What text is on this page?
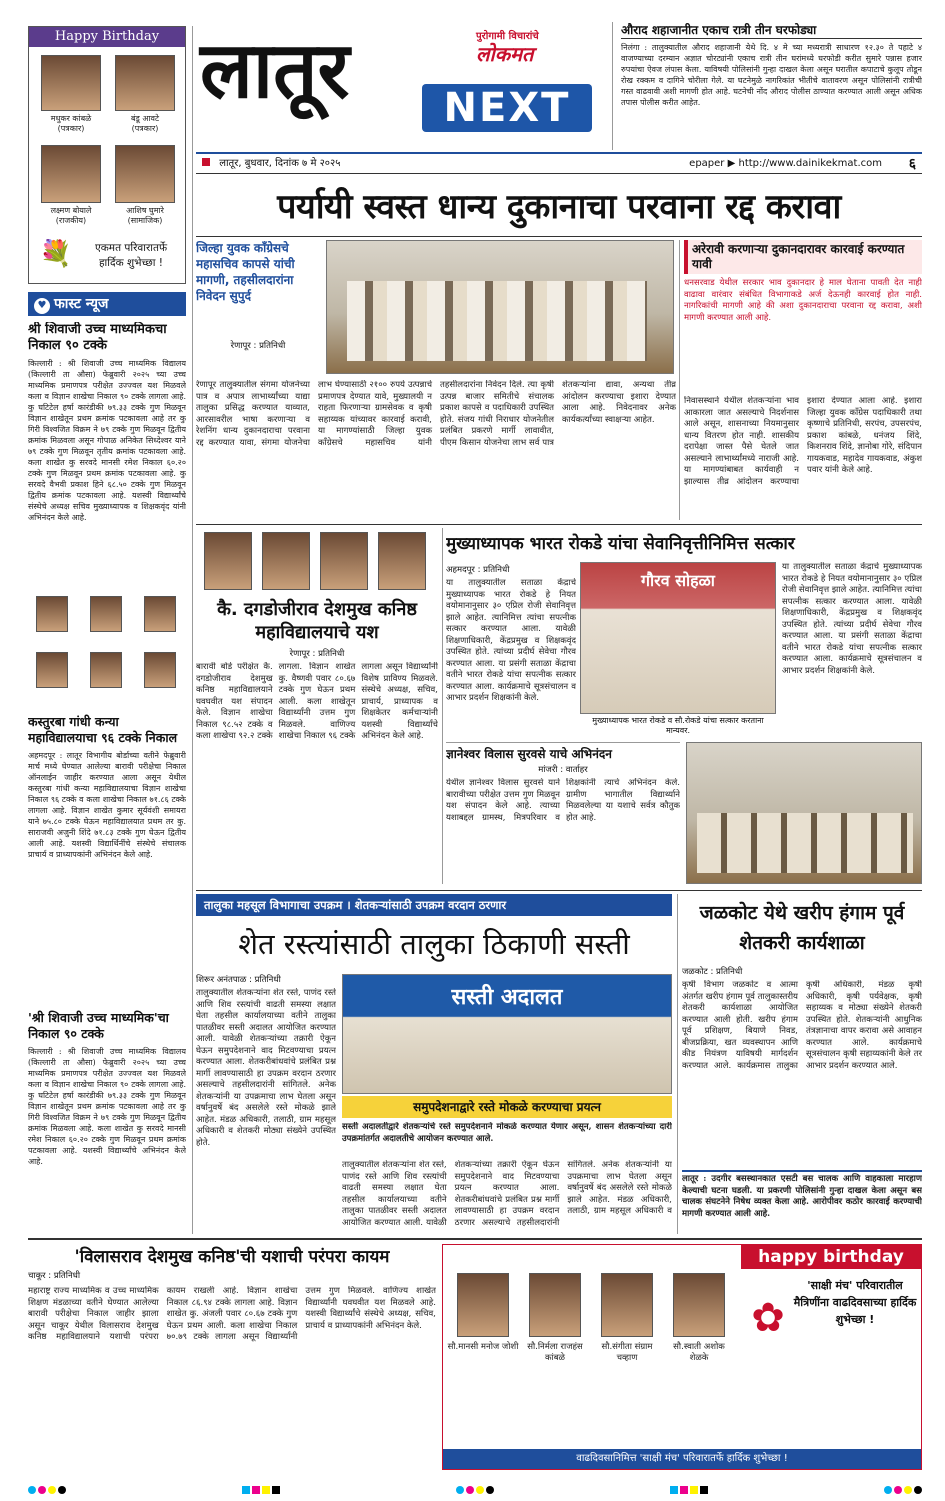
Happy Birthday
मधुकर कांबळे
(पत्रकार)
बंडू आवटे
(पत्रकार)
लक्ष्मण बोयाले
(राजकीय)
आशिष घुमारे
(सामाजिक)
💐	एकमत परिवारातर्फे
हार्दिक शुभेच्छा !
♥ फास्ट न्यूज
श्री शिवाजी उच्च माध्यमिकचा निकाल ९० टक्के
किल्लारी : श्री शिवाजी उच्च माध्यमिक विद्यालय (किल्लारी ता औसा) फेब्रुवारी २०२५ च्या उच्च माध्यमिक प्रमाणपत्र परीक्षेत उज्ज्वल यश मिळवले कला व विज्ञान शाखेचा निकाल ९० टक्के लागला आहे. कु घटिटेल हर्षा कारंडीकी ७९.३३ टक्के गुण मिळवून विज्ञान शाखेतून प्रथम क्रमांक पटकावला आहे तर कु गिरी विश्वजित विक्रम ने ७९ टक्के गुण मिळवून द्वितीय क्रमांक मिळवला असून गोपाळ अनिकेत सिध्देश्वर याने ७९ टक्के गुण मिळवून तृतीय क्रमांक पटकावला आहे. कला शाखेत कु सरवदे मानसी रमेश निकाल ६०.२० टक्के गुण मिळवून प्रथम क्रमांक पटकावला आहे. कु सरवदे वैभवी प्रकाश हिने ६८.५० टक्के गुण मिळवून द्वितीय क्रमांक पटकावला आहे. यशस्वी विद्यार्थ्यांचे संस्थेचे अध्यक्ष सचिव मुख्याध्यापक व शिक्षकवृंद यांनी अभिनंदन केले आहे.
कस्तुरबा गांधी कन्या महाविद्यालयाचा ९६ टक्के निकाल
अहमदपूर : लातूर विभागीय बोर्डाच्या वतीने फेब्रुवारी मार्च मध्ये घेण्यात आलेल्या बारावी परीक्षेचा निकाल ऑनलाईन जाहीर करण्यात आला असून येथील कस्तुरबा गांधी कन्या महाविद्यालयाचा विज्ञान शाखेचा निकाल ९६ टक्के व कला शाखेचा निकाल ७१.८६ टक्के लागला आहे. विज्ञान शाखेत कुमार सूर्यवंशी समायरा याने ७५.८० टक्के घेऊन महाविद्यालयात प्रथम तर कु. साराजवी अजुनी शिंदे ७१.८३ टक्के गुण घेऊन द्वितीय आली आहे. यशस्वी विद्यार्थिनींचे संस्थेचे संचालक प्राचार्य व प्राध्यापकांनी अभिनंदन केले आहे.
'श्री शिवाजी उच्च माध्यमिक'चा निकाल ९० टक्के
किल्लारी : श्री शिवाजी उच्च माध्यमिक विद्यालय (किल्लारी ता औसा) फेब्रुवारी २०२५ च्या उच्च माध्यमिक प्रमाणपत्र परीक्षेत उज्ज्वल यश मिळवले कला व विज्ञान शाखेचा निकाल ९० टक्के लागला आहे. कु घटिटेल हर्षा कारंडीकी ७९.३३ टक्के गुण मिळवून विज्ञान शाखेतून प्रथम क्रमांक पटकावला आहे तर कु गिरी विश्वजित विक्रम ने ७९ टक्के गुण मिळवून द्वितीय क्रमांक मिळवला आहे. कला शाखेत कु सरवदे मानसी रमेश निकाल ६०.२० टक्के गुण मिळवून प्रथम क्रमांक पटकावला आहे. यशस्वी विद्यार्थ्यांचे अभिनंदन केले आहे.
लातूर	पुरोगामी विचारांचे
लोकमत
NEXT
औराद शहाजानीत एकाच रात्री तीन घरफोड्या
निलंगा : तालुक्यातील औराद शहाजानी येथे दि. ४ मे च्या मध्यरात्री साधारण १२.३० ते पहाटे ४ वाजण्याच्या दरम्यान अज्ञात चोरट्यांनी एकाच रात्री तीन घरांमध्ये घरफोडी करीत सुमारे पन्नास हजार रुपयांचा ऐवज लंपास केला. याविषयी पोलिसांनी गुन्हा दाखल केला असून घरातील कपाटाचे कुलूप तोडून रोख रक्कम व दागिने चोरीला गेले. या घटनेमुळे नागरिकांत भीतीचे वातावरण असून पोलिसांनी रात्रीची गस्त वाढवावी अशी मागणी होत आहे. घटनेची नोंद औराद पोलीस ठाण्यात करण्यात आली असून अधिक तपास पोलीस करीत आहेत.
लातूर, बुधवार, दिनांक ७ मे २०२५	epaper ▶ http://www.dainikekmat.com ६
पर्यायी स्वस्त धान्य दुकानाचा परवाना रद्द करावा
जिल्हा युवक काँग्रेसचे महासचिव कापसे यांची मागणी, तहसीलदारांना निवेदन सुपुर्द
रेणापूर : प्रतिनिधी
रेणापूर तालुक्यातील संगमा योजनेच्या पात्र व अपात्र लाभार्थ्यांच्या याद्या तालुका प्रसिद्ध करण्यात याव्यात, आरसावरील भाषा करणाऱ्या व रेशनिंग धान्य दुकानदाराचा परवाना रद्द करण्यात यावा, संगमा योजनेचा लाभ घेण्यासाठी २१०० रुपये उत्पन्नाचे प्रमाणपत्र देण्यात यावे, मुख्यालयी न राहता फिरणाऱ्या ग्रामसेवक व कृषी सहाय्यक यांच्यावर कारवाई करावी, या मागण्यांसाठी जिल्हा युवक काँग्रेसचे महासचिव यांनी तहसीलदारांना निवेदन दिले. त्या कृषी उत्पन्न बाजार समितीचे संचालक प्रकाश कापसे व पदाधिकारी उपस्थित होते. संजय गांधी निराधार योजनेतील प्रलंबित प्रकरणे मार्गी लावावीत, पीएम किसान योजनेचा लाभ सर्व पात्र शेतकऱ्यांना द्यावा, अन्यथा तीव्र आंदोलन करण्याचा इशारा देण्यात आला आहे. निवेदनावर अनेक कार्यकर्त्यांच्या स्वाक्षऱ्या आहेत.
अरेरावी करणाऱ्या दुकानदारावर कारवाई करण्यात यावी
धनसरवाड येथील सरकार भाव दुकानदार हे माल घेताना पावती देत नाही वाढावा वारंवार संबंधित विभागाकडे अर्ज देऊनही कारवाई होत नाही. नागरिकांची मागणी आहे की अशा दुकानदाराचा परवाना रद्द करावा, अशी मागणी करण्यात आली आहे.
निवासस्थाने येथील शेतकऱ्यांना भाव आकारला जात असल्याचे निदर्शनास आले असून, शासनाच्या नियमानुसार धान्य वितरण होत नाही. शासकीय दरापेक्षा जास्त पैसे घेतले जात असल्याने लाभार्थ्यांमध्ये नाराजी आहे. या मागण्यांबाबत कार्यवाही न झाल्यास तीव्र आंदोलन करण्याचा इशारा देण्यात आला आहे. इशारा जिल्हा युवक काँग्रेस पदाधिकारी तथा कृष्णाचे प्रतिनिधी, सरपंच, उपसरपंच, प्रकाश कांबळे, धनंजय शिंदे, किशनराव शिंदे, ज्ञानोबा गोरे, संदिपान गायकवाड, महादेव गायकवाड, अंकुश पवार यांनी केले आहे.
कै. दगडोजीराव देशमुख कनिष्ठ महाविद्यालयाचे यश
रेणापूर : प्रतिनिधी
बारावी बोर्ड परीक्षेत कै. दगडोजीराव देशमुख कनिष्ठ महाविद्यालयाने घवघवीत यश संपादन केले. विज्ञान शाखेचा निकाल ९८.५२ टक्के व कला शाखेचा ९२.२ टक्के लागला. विज्ञान शाखेत कु. वैष्णवी पवार ८०.६७ टक्के गुण घेऊन प्रथम आली. कला शाखेतून विद्यार्थ्यांनी उत्तम गुण मिळवले. वाणिज्य शाखेचा निकाल ९६ टक्के लागला असून विद्यार्थ्यांनी विशेष प्राविण्य मिळवले. संस्थेचे अध्यक्ष, सचिव, प्राचार्य, प्राध्यापक व शिक्षकेतर कर्मचाऱ्यांनी यशस्वी विद्यार्थ्यांचे अभिनंदन केले आहे.
मुख्याध्यापक भारत रोकडे यांचा सेवानिवृत्तीनिमित्त सत्कार
अहमदपूर : प्रतिनिधी
या तालुक्यातील सताळा केंद्राचे मुख्याध्यापक भारत रोकडे हे नियत वयोमानानुसार ३० एप्रिल रोजी सेवानिवृत्त झाले आहेत. त्यानिमित्त त्यांचा सपत्नीक सत्कार करण्यात आला. यावेळी शिक्षणाधिकारी, केंद्रप्रमुख व शिक्षकवृंद उपस्थित होते. त्यांच्या प्रदीर्घ सेवेचा गौरव करण्यात आला. या प्रसंगी सताळा केंद्राचा वतीने भारत रोकडे यांचा सपत्नीक सत्कार करण्यात आला. कार्यक्रमाचे सूत्रसंचालन व आभार प्रदर्शन शिक्षकांनी केले.
गौरव सोहळा
मुख्याध्यापक भारत रोकडे व सौ.रोकडे यांचा सत्कार करताना मान्यवर.
या तालुक्यातील सताळा केंद्राचे मुख्याध्यापक भारत रोकडे हे नियत वयोमानानुसार ३० एप्रिल रोजी सेवानिवृत्त झाले आहेत. त्यानिमित्त त्यांचा सपत्नीक सत्कार करण्यात आला. यावेळी शिक्षणाधिकारी, केंद्रप्रमुख व शिक्षकवृंद उपस्थित होते. त्यांच्या प्रदीर्घ सेवेचा गौरव करण्यात आला. या प्रसंगी सताळा केंद्राचा वतीने भारत रोकडे यांचा सपत्नीक सत्कार करण्यात आला. कार्यक्रमाचे सूत्रसंचालन व आभार प्रदर्शन शिक्षकांनी केले.
ज्ञानेश्वर विलास सुरवसे याचे अभिनंदन
मांजरी : वार्ताहर
येथील ज्ञानेश्वर विलास सुरवसे याने बारावीच्या परीक्षेत उत्तम गुण मिळवून यश संपादन केले आहे. त्याच्या यशाबद्दल ग्रामस्थ, मित्रपरिवार व शिक्षकांनी त्याचे अभिनंदन केले. ग्रामीण भागातील विद्यार्थ्याने मिळवलेल्या या यशाचे सर्वत्र कौतुक होत आहे.
तालुका महसूल विभागाचा उपक्रम । शेतकऱ्यांसाठी उपक्रम वरदान ठरणार
शेत रस्त्यांसाठी तालुका ठिकाणी सस्ती
शिरूर अनंतपाळ : प्रतिनिधी
तालुक्यातील शेतकऱ्यांना शेत रस्ते, पाणंद रस्ते आणि शिव रस्त्यांची वाढती समस्या लक्षात घेता तहसील कार्यालयाच्या वतीने तालुका पातळीवर सस्ती अदालत आयोजित करण्यात आली. यावेळी शेतकऱ्यांच्या तक्रारी ऐकून घेऊन समुपदेशनाने वाद मिटवण्याचा प्रयत्न करण्यात आला. शेतकरीबांधवांचे प्रलंबित प्रश्न मार्गी लावण्यासाठी हा उपक्रम वरदान ठरणार असल्याचे तहसीलदारांनी सांगितले. अनेक शेतकऱ्यांनी या उपक्रमाचा लाभ घेतला असून वर्षानुवर्षे बंद असलेले रस्ते मोकळे झाले आहेत. मंडळ अधिकारी, तलाठी, ग्राम महसूल अधिकारी व शेतकरी मोठ्या संख्येने उपस्थित होते.
सस्ती अदालत
समुपदेशनाद्वारे रस्ते मोकळे करण्याचा प्रयत्न
सस्ती अदालतीद्वारे शेतकऱ्यांचे रस्ते समुपदेशनाने मोकळे करण्यात येणार असून, शासन शेतकऱ्यांच्या दारी उपक्रमांतर्गत अदालतीचे आयोजन करण्यात आले.
तालुक्यातील शेतकऱ्यांना शेत रस्ते, पाणंद रस्ते आणि शिव रस्त्यांची वाढती समस्या लक्षात घेता तहसील कार्यालयाच्या वतीने तालुका पातळीवर सस्ती अदालत आयोजित करण्यात आली. यावेळी शेतकऱ्यांच्या तक्रारी ऐकून घेऊन समुपदेशनाने वाद मिटवण्याचा प्रयत्न करण्यात आला. शेतकरीबांधवांचे प्रलंबित प्रश्न मार्गी लावण्यासाठी हा उपक्रम वरदान ठरणार असल्याचे तहसीलदारांनी सांगितले. अनेक शेतकऱ्यांनी या उपक्रमाचा लाभ घेतला असून वर्षानुवर्षे बंद असलेले रस्ते मोकळे झाले आहेत. मंडळ अधिकारी, तलाठी, ग्राम महसूल अधिकारी व
जळकोट येथे खरीप हंगाम पूर्व शेतकरी कार्यशाळा
जळकोट : प्रतिनिधी
कृषी विभाग जळकोट व आत्मा अंतर्गत खरीप हंगाम पूर्व तालुकास्तरीय शेतकरी कार्यशाळा आयोजित करण्यात आली होती. खरीप हंगाम पूर्व प्रशिक्षण, बियाणे निवड, बीजप्रक्रिया, खत व्यवस्थापन आणि कीड नियंत्रण याविषयी मार्गदर्शन करण्यात आले. कार्यक्रमास तालुका कृषी अधिकारी, मंडळ कृषी अधिकारी, कृषी पर्यवेक्षक, कृषी सहाय्यक व मोठ्या संख्येने शेतकरी उपस्थित होते. शेतकऱ्यांनी आधुनिक तंत्रज्ञानाचा वापर करावा असे आवाहन करण्यात आले. कार्यक्रमाचे सूत्रसंचालन कृषी सहाय्यकांनी केले तर आभार प्रदर्शन करण्यात आले.
लातूर : उदगीर बसस्थानकात एसटी बस चालक आणि वाहकाला मारहाण केल्याची घटना घडली. या प्रकरणी पोलिसांनी गुन्हा दाखल केला असून बस चालक संघटनेने निषेध व्यक्त केला आहे. आरोपीवर कठोर कारवाई करण्याची मागणी करण्यात आली आहे.
'विलासराव देशमुख कनिष्ठ'ची यशाची परंपरा कायम
चाकूर : प्रतिनिधी
महाराष्ट्र राज्य माध्यमिक व उच्च माध्यमिक शिक्षण मंडळाच्या वतीने घेण्यात आलेल्या बारावी परीक्षेचा निकाल जाहीर झाला असून चाकूर येथील विलासराव देशमुख कनिष्ठ महाविद्यालयाने यशाची परंपरा कायम राखली आहे. विज्ञान शाखेचा निकाल ८६.९४ टक्के लागला आहे. विज्ञान शाखेत कु. अंजली पवार ८०.६७ टक्के गुण घेऊन प्रथम आली. कला शाखेचा निकाल ७०.७९ टक्के लागला असून विद्यार्थ्यांनी उत्तम गुण मिळवले. वाणिज्य शाखेत विद्यार्थ्यांनी घवघवीत यश मिळवले आहे. यशस्वी विद्यार्थ्यांचे संस्थेचे अध्यक्ष, सचिव, प्राचार्य व प्राध्यापकांनी अभिनंदन केले.
happy birthday
सौ.मानसी मनोज जोशी	सौ.निर्मला राजहंस कांबळे
सौ.संगीता संग्राम चव्हाण
सौ.स्वाती अशोक शेळके
✿
'साक्षी मंच' परिवारातील मैत्रिणींना वाढदिवसाच्या हार्दिक शुभेच्छा !
वाढदिवसानिमित्त 'साक्षी मंच' परिवारातर्फे हार्दिक शुभेच्छा !
